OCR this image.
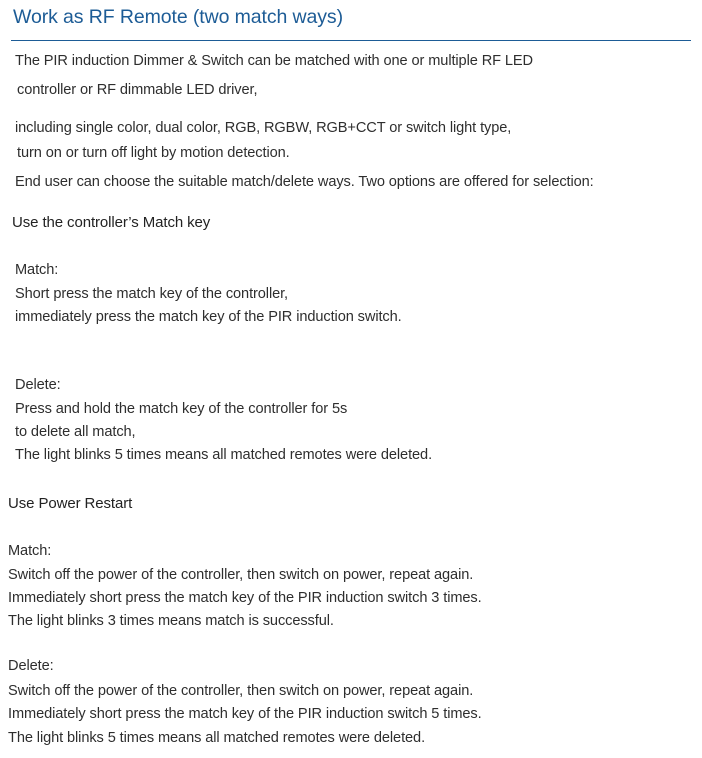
Work as RF Remote (two match ways)
The PIR induction Dimmer & Switch can be matched with one or multiple RF LED
controller or RF dimmable LED driver,
including single color, dual color, RGB, RGBW, RGB+CCT or switch light type,
turn on or turn off light by motion detection.
End user can choose the suitable match/delete ways. Two options are offered for selection:
Use the controller’s Match key
Match:
Short press the match key of the controller,
immediately press the match key of the PIR induction switch.
Delete:
Press and hold the match key of the controller for 5s
to delete all match,
The light blinks 5 times means all matched remotes were deleted.
Use Power Restart
Match:
Switch off the power of the controller, then switch on power, repeat again.
Immediately short press the match key of the PIR induction switch 3 times.
The light blinks 3 times means match is successful.
Delete:
Switch off the power of the controller, then switch on power, repeat again.
Immediately short press the match key of the PIR induction switch 5 times.
The light blinks 5 times means all matched remotes were deleted.
